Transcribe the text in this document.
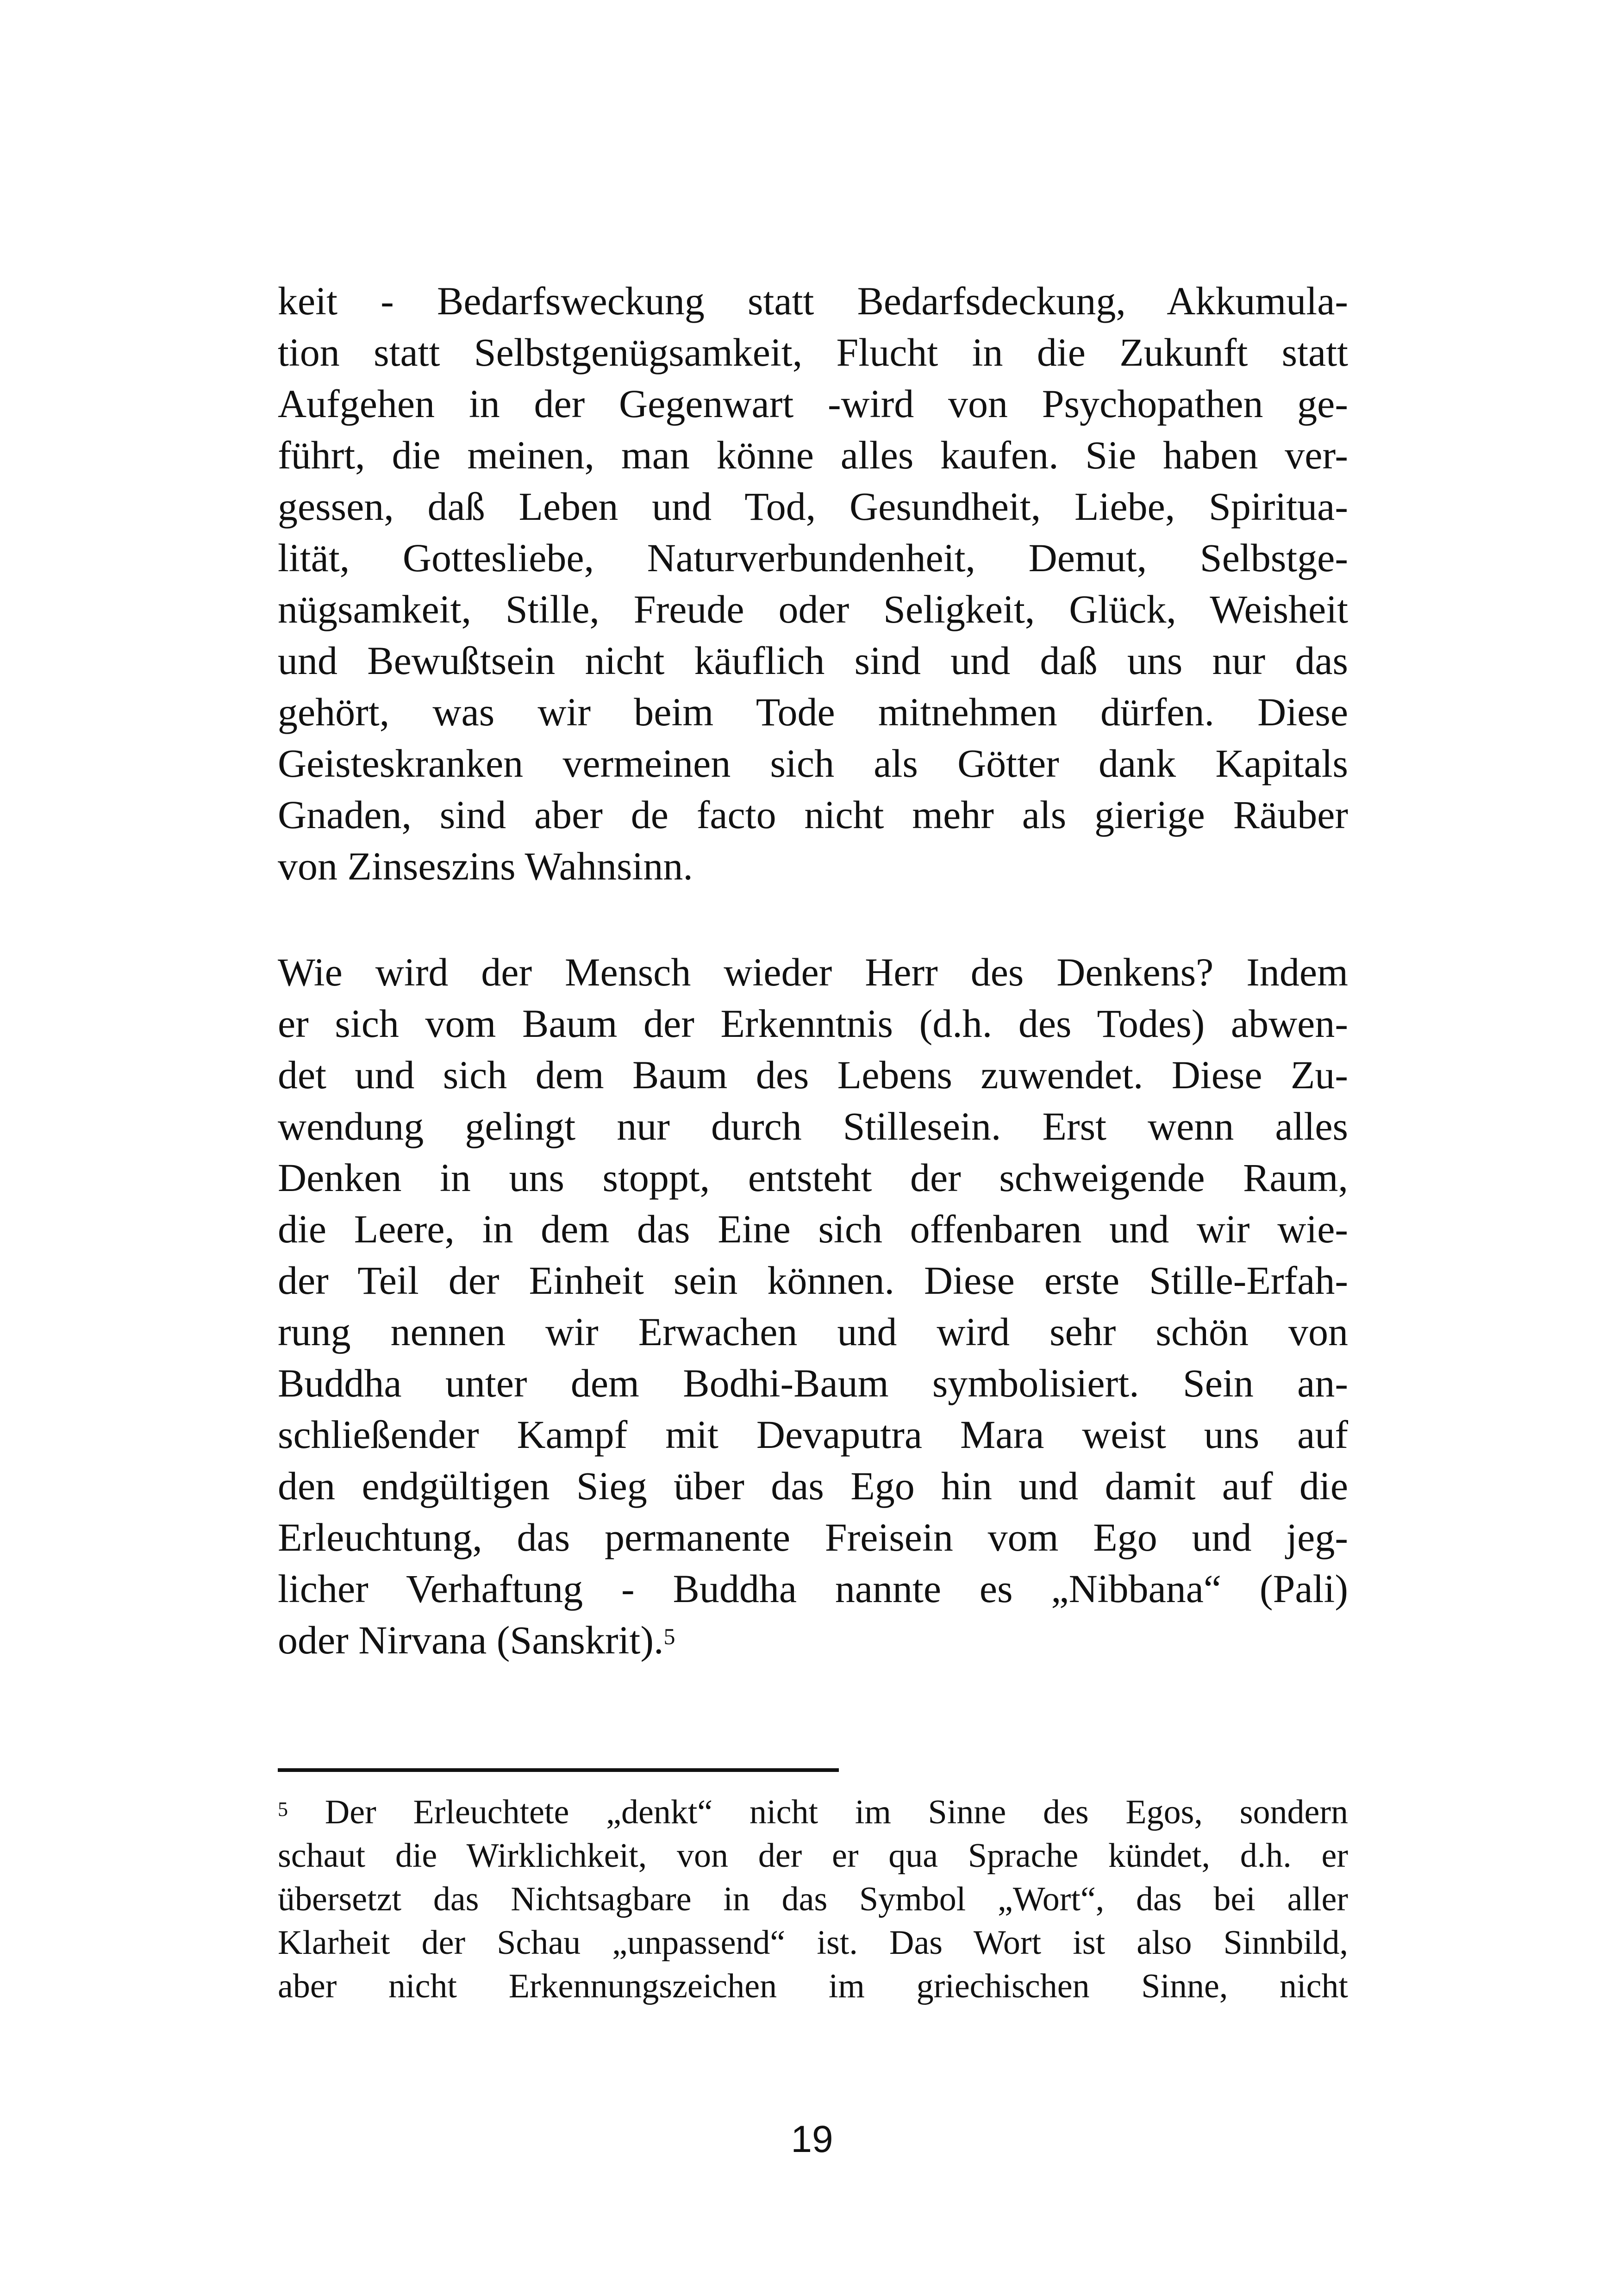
keit - Bedarfsweckung statt Bedarfsdeckung, Akkumula-
tion statt Selbstgenügsamkeit, Flucht in die Zukunft statt
Aufgehen in der Gegenwart -wird von Psychopathen ge-
führt, die meinen, man könne alles kaufen. Sie haben ver-
gessen, daß Leben und Tod, Gesundheit, Liebe, Spiritua-
lität, Gottesliebe, Naturverbundenheit, Demut, Selbstge-
nügsamkeit, Stille, Freude oder Seligkeit, Glück, Weisheit
und Bewußtsein nicht käuflich sind und daß uns nur das
gehört, was wir beim Tode mitnehmen dürfen. Diese
Geisteskranken vermeinen sich als Götter dank Kapitals
Gnaden, sind aber de facto nicht mehr als gierige Räuber
von Zinseszins Wahnsinn.
Wie wird der Mensch wieder Herr des Denkens? Indem
er sich vom Baum der Erkenntnis (d.h. des Todes) abwen-
det und sich dem Baum des Lebens zuwendet. Diese Zu-
wendung gelingt nur durch Stillesein. Erst wenn alles
Denken in uns stoppt, entsteht der schweigende Raum,
die Leere, in dem das Eine sich offenbaren und wir wie-
der Teil der Einheit sein können. Diese erste Stille-Erfah-
rung nennen wir Erwachen und wird sehr schön von
Buddha unter dem Bodhi-Baum symbolisiert. Sein an-
schließender Kampf mit Devaputra Mara weist uns auf
den endgültigen Sieg über das Ego hin und damit auf die
Erleuchtung, das permanente Freisein vom Ego und jeg-
licher Verhaftung - Buddha nannte es „Nibbana“ (Pali)
oder Nirvana (Sanskrit).$^5$
$^5$ Der Erleuchtete „denkt“ nicht im Sinne des Egos, sondern
schaut die Wirklichkeit, von der er qua Sprache kündet, d.h. er
übersetzt das Nichtsagbare in das Symbol „Wort“, das bei aller
Klarheit der Schau „unpassend“ ist. Das Wort ist also Sinnbild,
aber nicht Erkennungszeichen im griechischen Sinne, nicht
19
